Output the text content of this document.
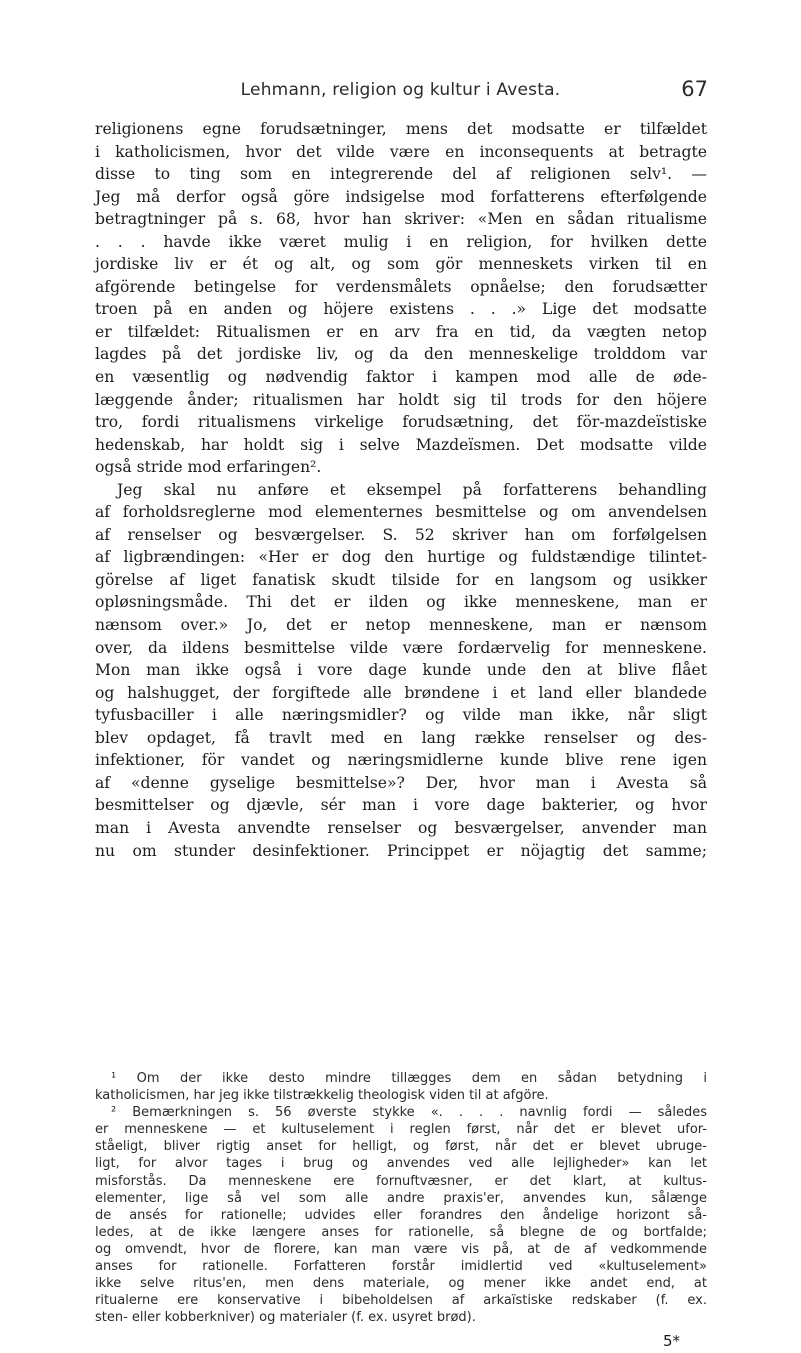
Lehmann, religion og kultur i Avesta.	67
religionens egne forudsætninger, mens det modsatte er tilfældet
i katholicismen, hvor det vilde være en inconsequents at betragte
disse to ting som en integrerende del af religionen selv¹. —
Jeg må derfor også göre indsigelse mod forfatterens efterfølgende
betragtninger på s. 68, hvor han skriver: «Men en sådan ritualisme
. . . havde ikke været mulig i en religion, for hvilken dette
jordiske liv er ét og alt, og som gör menneskets virken til en
afgörende betingelse for verdensmålets opnåelse; den forudsætter
troen på en anden og höjere existens . . .» Lige det modsatte
er tilfældet: Ritualismen er en arv fra en tid, da vægten netop
lagdes på det jordiske liv, og da den menneskelige trolddom var
en væsentlig og nødvendig faktor i kampen mod alle de øde-
læggende ånder; ritualismen har holdt sig til trods for den höjere
tro, fordi ritualismens virkelige forudsætning, det för-mazdeïstiske
hedenskab, har holdt sig i selve Mazdeïsmen. Det modsatte vilde
også stride mod erfaringen².
Jeg skal nu anføre et eksempel på forfatterens behandling
af forholdsreglerne mod elementernes besmittelse og om anvendelsen
af renselser og besværgelser. S. 52 skriver han om forfølgelsen
af ligbrændingen: «Her er dog den hurtige og fuldstændige tilintet-
görelse af liget fanatisk skudt tilside for en langsom og usikker
opløsningsmåde. Thi det er ilden og ikke menneskene, man er
nænsom over.» Jo, det er netop menneskene, man er nænsom
over, da ildens besmittelse vilde være fordærvelig for menneskene.
Mon man ikke også i vore dage kunde unde den at blive flået
og halshugget, der forgiftede alle brøndene i et land eller blandede
tyfusbaciller i alle næringsmidler? og vilde man ikke, når sligt
blev opdaget, få travlt med en lang række renselser og des-
infektioner, för vandet og næringsmidlerne kunde blive rene igen
af «denne gyselige besmittelse»? Der, hvor man i Avesta så
besmittelser og djævle, sér man i vore dage bakterier, og hvor
man i Avesta anvendte renselser og besværgelser, anvender man
nu om stunder desinfektioner. Princippet er nöjagtig det samme;
¹ Om der ikke desto mindre tillægges dem en sådan betydning i
katholicismen, har jeg ikke tilstrækkelig theologisk viden til at afgöre.
² Bemærkningen s. 56 øverste stykke «. . . . navnlig fordi — således
er menneskene — et kultuselement i reglen først, når det er blevet ufor-
ståeligt, bliver rigtig anset for helligt, og først, når det er blevet ubruge-
ligt, for alvor tages i brug og anvendes ved alle lejligheder» kan let
misforstås. Da menneskene ere fornuftvæsner, er det klart, at kultus-
elementer, lige så vel som alle andre praxis'er, anvendes kun, sålænge
de ansés for rationelle; udvides eller forandres den åndelige horizont så-
ledes, at de ikke længere anses for rationelle, så blegne de og bortfalde;
og omvendt, hvor de florere, kan man være vis på, at de af vedkommende
anses for rationelle. Forfatteren forstår imidlertid ved «kultuselement»
ikke selve ritus'en, men dens materiale, og mener ikke andet end, at
ritualerne ere konservative i bibeholdelsen af arkaïstiske redskaber (f. ex.
sten- eller kobberkniver) og materialer (f. ex. usyret brød).
5*
